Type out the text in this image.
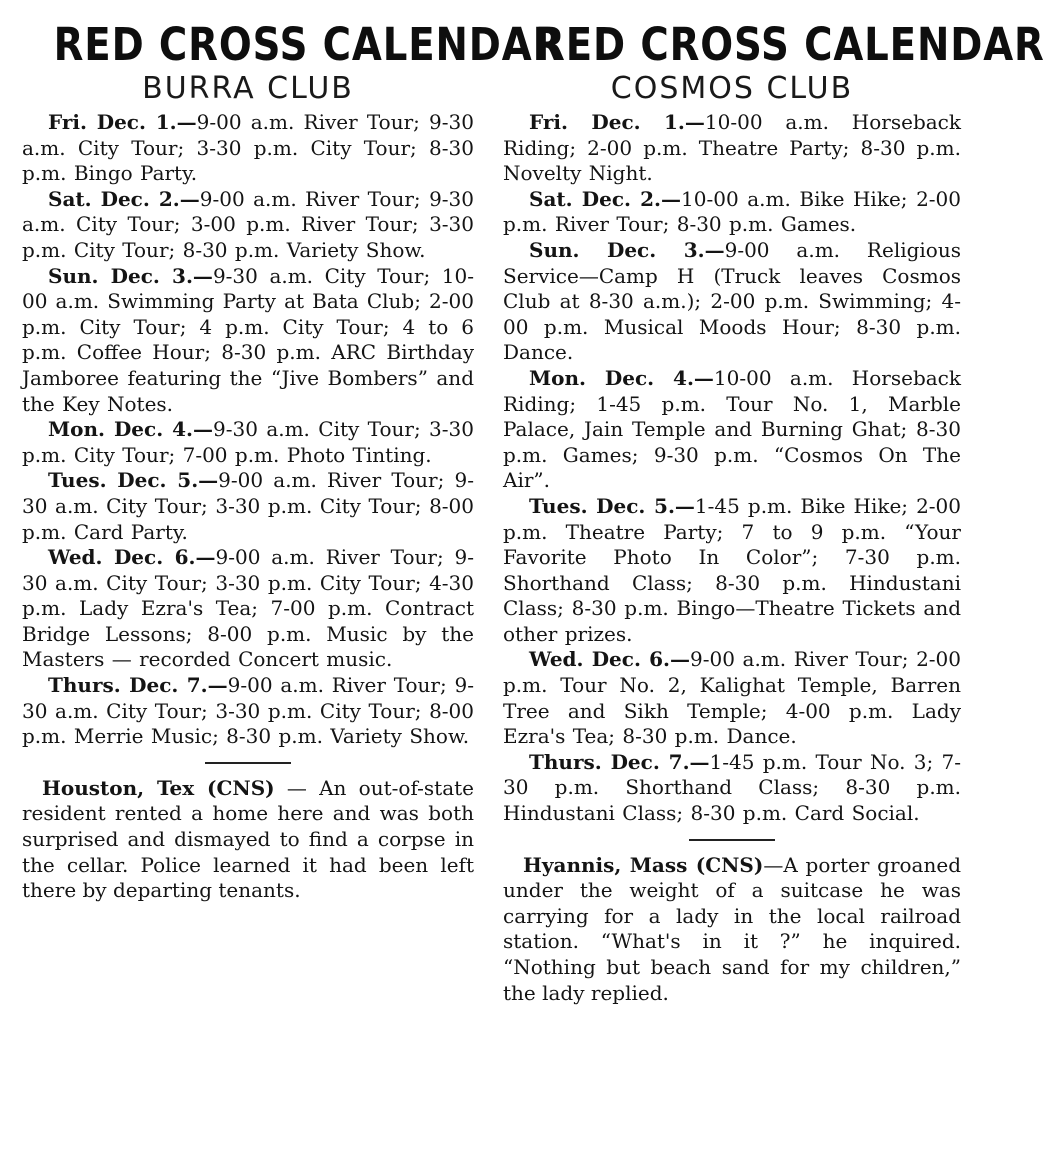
RED CROSS CALENDAR
BURRA CLUB

Fri. Dec. 1.—9-00 a.m. River Tour; 9-30 a.m. City Tour; 3-30 p.m. City Tour; 8-30 p.m. Bingo Party.

Sat. Dec. 2.—9-00 a.m. River Tour; 9-30 a.m. City Tour; 3-00 p.m. River Tour; 3-30 p.m. City Tour; 8-30 p.m. Variety Show.

Sun. Dec. 3.—9-30 a.m. City Tour; 10-00 a.m. Swimming Party at Bata Club; 2-00 p.m. City Tour; 4 p.m. City Tour; 4 to 6 p.m. Coffee Hour; 8-30 p.m. ARC Birthday Jamboree featuring the “Jive Bombers” and the Key Notes.

Mon. Dec. 4.—9-30 a.m. City Tour; 3-30 p.m. City Tour; 7-00 p.m. Photo Tinting.

Tues. Dec. 5.—9-00 a.m. River Tour; 9-30 a.m. City Tour; 3-30 p.m. City Tour; 8-00 p.m. Card Party.

Wed. Dec. 6.—9-00 a.m. River Tour; 9-30 a.m. City Tour; 3-30 p.m. City Tour; 4-30 p.m. Lady Ezra's Tea; 7-00 p.m. Contract Bridge Lessons; 8-00 p.m. Music by the Masters — recorded Concert music.

Thurs. Dec. 7.—9-00 a.m. River Tour; 9-30 a.m. City Tour; 3-30 p.m. City Tour; 8-00 p.m. Merrie Music; 8-30 p.m. Variety Show.

Houston, Tex (CNS) — An out-of-state resident rented a home here and was both surprised and dismayed to find a corpse in the cellar. Police learned it had been left there by departing tenants.

RED CROSS CALENDAR
COSMOS CLUB

Fri. Dec. 1.—10-00 a.m. Horseback Riding; 2-00 p.m. Theatre Party; 8-30 p.m. Novelty Night.

Sat. Dec. 2.—10-00 a.m. Bike Hike; 2-00 p.m. River Tour; 8-30 p.m. Games.

Sun. Dec. 3.—9-00 a.m. Religious Service—Camp H (Truck leaves Cosmos Club at 8-30 a.m.); 2-00 p.m. Swimming; 4-00 p.m. Musical Moods Hour; 8-30 p.m. Dance.

Mon. Dec. 4.—10-00 a.m. Horseback Riding; 1-45 p.m. Tour No. 1, Marble Palace, Jain Temple and Burning Ghat; 8-30 p.m. Games; 9-30 p.m. “Cosmos On The Air”.

Tues. Dec. 5.—1-45 p.m. Bike Hike; 2-00 p.m. Theatre Party; 7 to 9 p.m. “Your Favorite Photo In Color”; 7-30 p.m. Shorthand Class; 8-30 p.m. Hindustani Class; 8-30 p.m. Bingo—Theatre Tickets and other prizes.

Wed. Dec. 6.—9-00 a.m. River Tour; 2-00 p.m. Tour No. 2, Kalighat Temple, Barren Tree and Sikh Temple; 4-00 p.m. Lady Ezra's Tea; 8-30 p.m. Dance.

Thurs. Dec. 7.—1-45 p.m. Tour No. 3; 7-30 p.m. Shorthand Class; 8-30 p.m. Hindustani Class; 8-30 p.m. Card Social.

Hyannis, Mass (CNS)—A porter groaned under the weight of a suitcase he was carrying for a lady in the local railroad station. “What's in it ?” he inquired. “Nothing but beach sand for my children,” the lady replied.
